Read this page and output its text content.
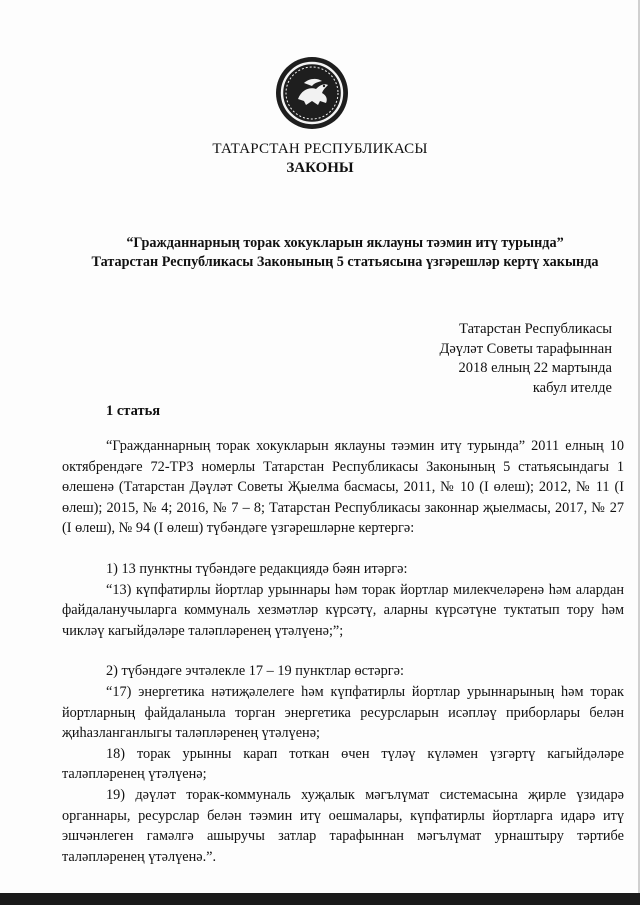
ТАТАРСТАН РЕСПУБЛИКАСЫ
ЗАКОНЫ
“Гражданнарның торак хокукларын яклауны тәэмин итү турында”
Татарстан Республикасы Законының 5 статьясына үзгәрешләр кертү хакында
Татарстан Республикасы
Дәүләт Советы тарафыннан
2018 елның 22 мартында
кабул ителде
1 статья

“Гражданнарның торак хокукларын яклауны тәэмин итү турында” 2011 елның 10 октябрендәге 72-ТРЗ номерлы Татарстан Республикасы Законының 5 статьясындагы 1 өлешенә (Татарстан Дәүләт Советы Җыелма басмасы, 2011, № 10 (I өлеш); 2012, № 11 (I өлеш); 2015, № 4; 2016, № 7 – 8; Татарстан Республикасы законнар җыелмасы, 2017, № 27 (I өлеш), № 94 (I өлеш) түбәндәге үзгәрешләрне кертергә:

1) 13 пунктны түбәндәге редакциядә бәян итәргә:

“13) күпфатирлы йортлар урыннары һәм торак йортлар милекчеләренә һәм алардан файдаланучыларга коммуналь хезмәтләр күрсәтү, аларны күрсәтүне туктатып тору һәм чикләү кагыйдәләре таләпләренең үтәлүенә;”;

2) түбәндәге эчтәлекле 17 – 19 пунктлар өстәргә:

“17) энергетика нәтиҗәлелеге һәм күпфатирлы йортлар урыннарының һәм торак йортларның файдаланыла торган энергетика ресурсларын исәпләү приборлары белән җиһазланганлыгы таләпләренең үтәлүенә;

18) торак урынны карап тоткан өчен түләү күләмен үзгәртү кагыйдәләре таләпләренең үтәлүенә;

19) дәүләт торак-коммуналь хуҗалык мәгълүмат системасына җирле үзидарә органнары, ресурслар белән тәэмин итү оешмалары, күпфатирлы йортларга идарә итү эшчәнлеген гамәлгә ашыручы затлар тарафыннан мәгълүмат урнаштыру тәртибе таләпләренең үтәлүенә.”.
